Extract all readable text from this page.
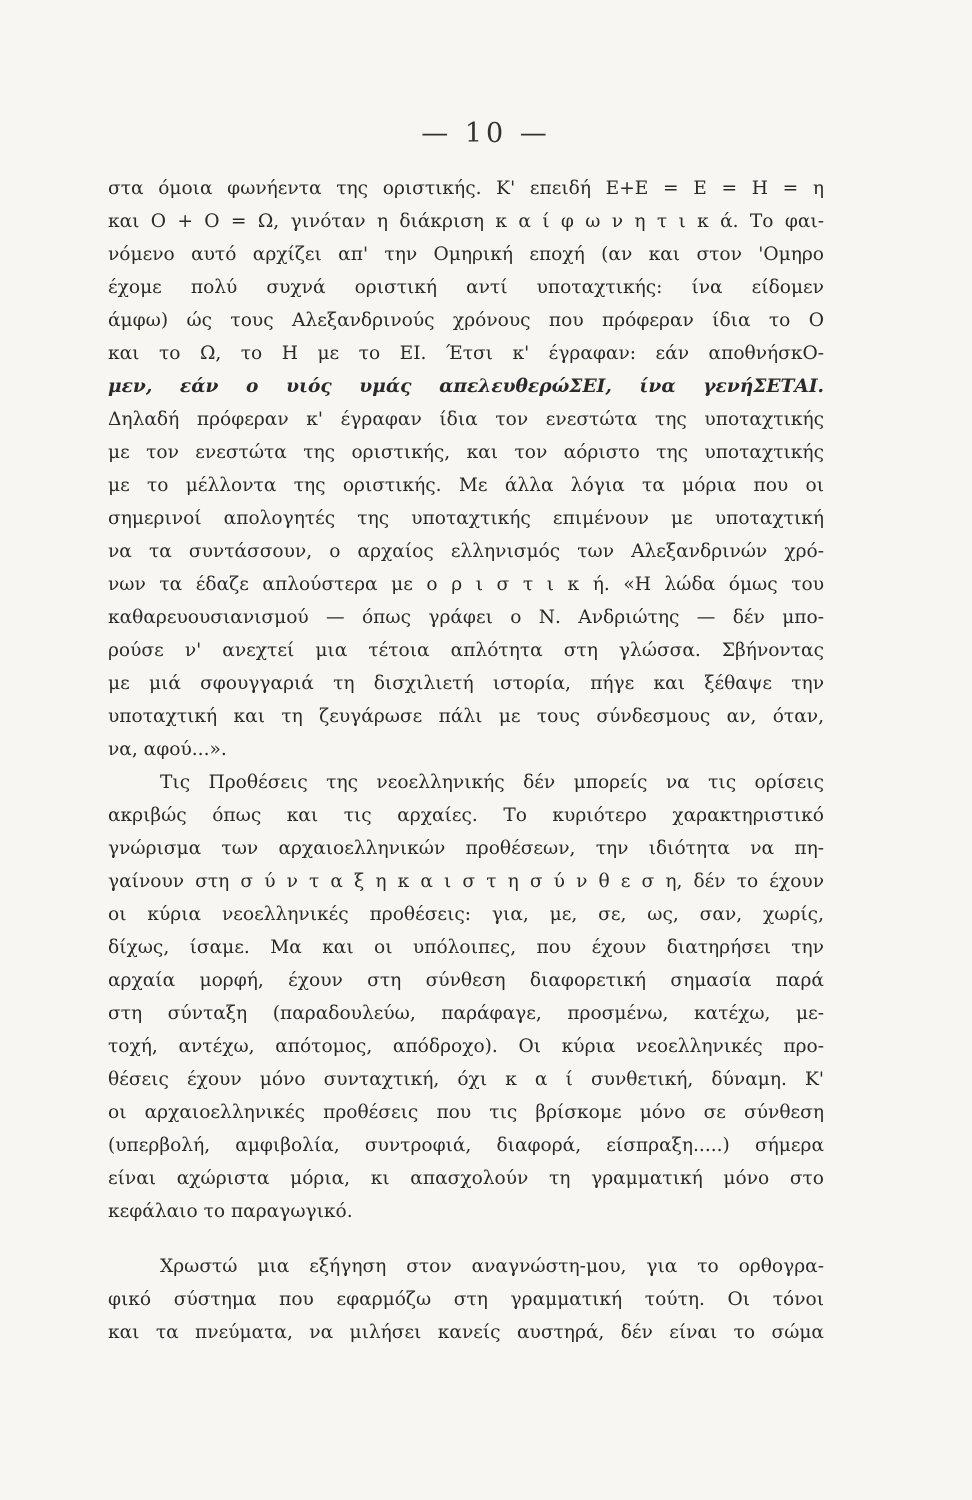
— 10 —
στα όμοια φωνήεντα της οριστικής. Κ' επειδή Ε+Ε = Ε = Η = η
και Ο + Ο = Ω, γινόταν η διάκριση κ α ί φ ω ν η τ ι κ ά. Το φαι-
νόμενο αυτό αρχίζει απ' την Ομηρική εποχή (αν και στον 'Ομηρο
έχομε πολύ συχνά οριστική αντί υποταχτικής: ίνα είδομεν
άμφω) ώς τους Αλεξανδρινούς χρόνους που πρόφεραν ίδια το Ο
και το Ω, το Η με το ΕΙ. Έτσι κ' έγραφαν: εάν αποθνήσκΟ-
μεν, εάν ο υιός υμάς απελευθερώΣΕΙ, ίνα γενήΣΕΤΑΙ.
Δηλαδή πρόφεραν κ' έγραφαν ίδια τον ενεστώτα της υποταχτικής
με τον ενεστώτα της οριστικής, και τον αόριστο της υποταχτικής
με το μέλλοντα της οριστικής. Με άλλα λόγια τα μόρια που οι
σημερινοί απολογητές της υποταχτικής επιμένουν με υποταχτική
να τα συντάσσουν, ο αρχαίος ελληνισμός των Αλεξανδρινών χρό-
νων τα έδαζε απλούστερα με ο ρ ι σ τ ι κ ή. «Η λώδα όμως του
καθαρευουσιανισμού — όπως γράφει ο Ν. Ανδριώτης — δέν μπο-
ρούσε ν' ανεχτεί μια τέτοια απλότητα στη γλώσσα. Σβήνοντας
με μιά σφουγγαριά τη δισχιλιετή ιστορία, πήγε και ξέθαψε την
υποταχτική και τη ζευγάρωσε πάλι με τους σύνδεσμους αν, όταν,
να, αφού...».
Τις Προθέσεις της νεοελληνικής δέν μπορείς να τις ορίσεις
ακριβώς όπως και τις αρχαίες. Το κυριότερο χαρακτηριστικό
γνώρισμα των αρχαιοελληνικών προθέσεων, την ιδιότητα να πη-
γαίνουν στη σ ύ ν τ α ξ η κ α ι σ τ η σ ύ ν θ ε σ η, δέν το έχουν
οι κύρια νεοελληνικές προθέσεις: για, με, σε, ως, σαν, χωρίς,
δίχως, ίσαμε. Μα και οι υπόλοιπες, που έχουν διατηρήσει την
αρχαία μορφή, έχουν στη σύνθεση διαφορετική σημασία παρά
στη σύνταξη (παραδουλεύω, παράφαγε, προσμένω, κατέχω, με-
τοχή, αντέχω, απότομος, απόδροχο). Οι κύρια νεοελληνικές προ-
θέσεις έχουν μόνο συνταχτική, όχι κ α ί συνθετική, δύναμη. Κ'
οι αρχαιοελληνικές προθέσεις που τις βρίσκομε μόνο σε σύνθεση
(υπερβολή, αμφιβολία, συντροφιά, διαφορά, είσπραξη.....) σήμερα
είναι αχώριστα μόρια, κι απασχολούν τη γραμματική μόνο στο
κεφάλαιο το παραγωγικό.
Χρωστώ μια εξήγηση στον αναγνώστη-μου, για το ορθογρα-
φικό σύστημα που εφαρμόζω στη γραμματική τούτη. Οι τόνοι
και τα πνεύματα, να μιλήσει κανείς αυστηρά, δέν είναι το σώμα
